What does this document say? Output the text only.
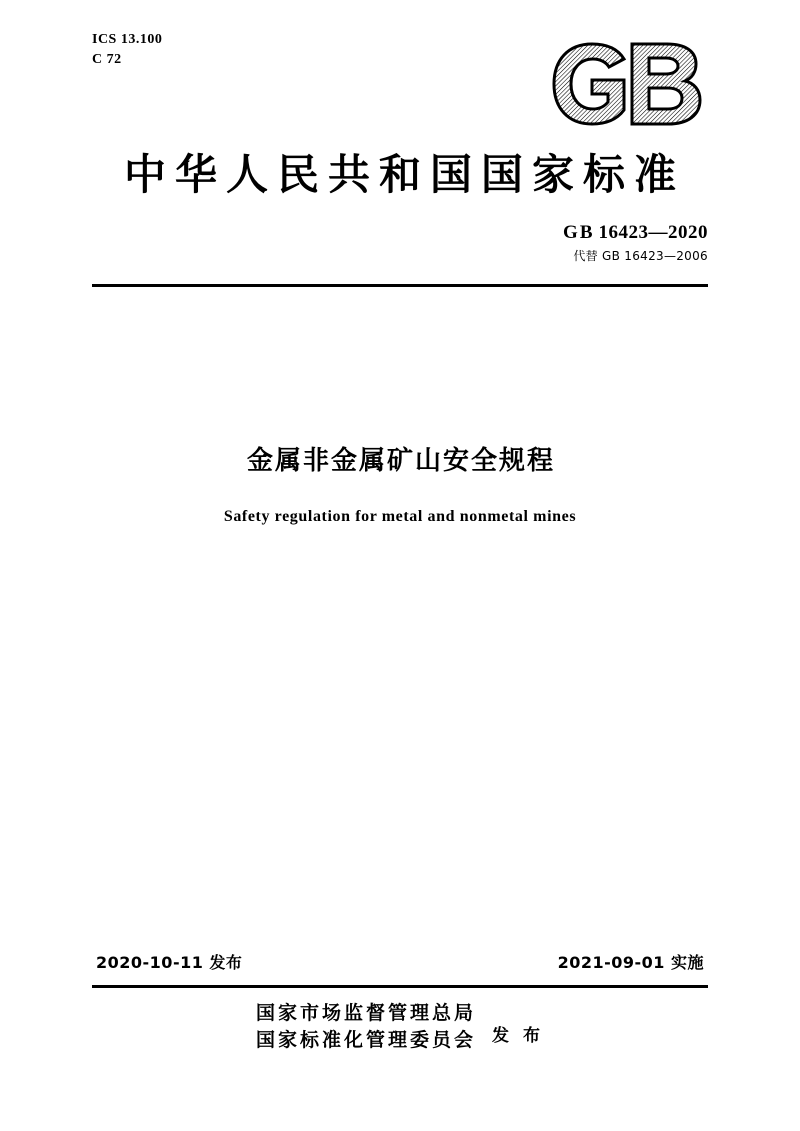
ICS 13.100
C 72
中华人民共和国国家标准
GB 16423—2020
代替 GB 16423—2006
金属非金属矿山安全规程
Safety regulation for metal and nonmetal mines
2020-10-11 发布	2021-09-01 实施
国家市场监督管理总局
国家标准化管理委员会 发 布
